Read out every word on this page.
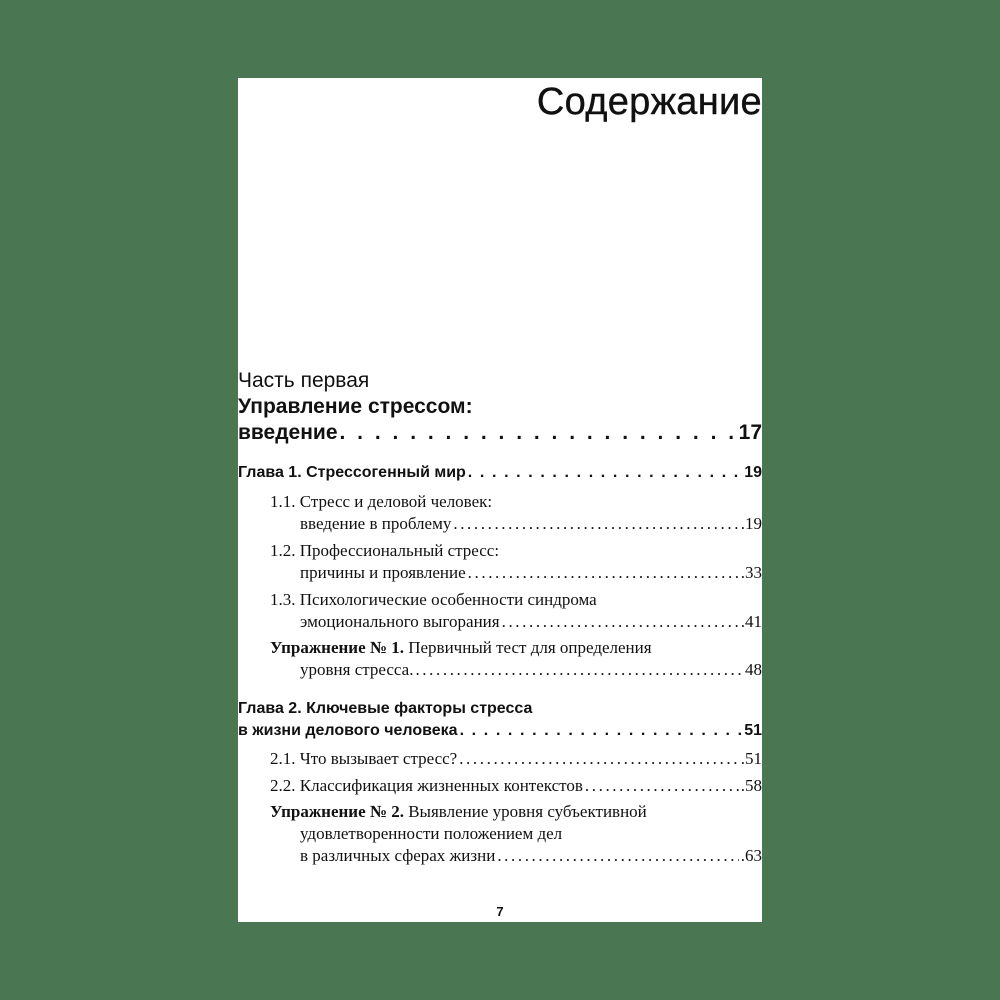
Содержание
Часть первая
Управление стрессом:
введение . . .	17
Глава 1. Стрессогенный мир . . .	19
1.1. Стресс и деловой человек:
введение в проблему .....	.19
1.2. Профессиональный стресс:
причины и проявление .....	.33
1.3. Психологические особенности синдрома
эмоционального выгорания .....	.41
Упражнение № 1. Первичный тест для определения
уровня стресса. .....	48
Глава 2. Ключевые факторы стресса
в жизни делового человека . . .	51
2.1. Что вызывает стресс? .....	.51
2.2. Классификация жизненных контекстов .....	.58
Упражнение № 2. Выявление уровня субъективной
удовлетворенности положением дел
в различных сферах жизни .....	.63
7
